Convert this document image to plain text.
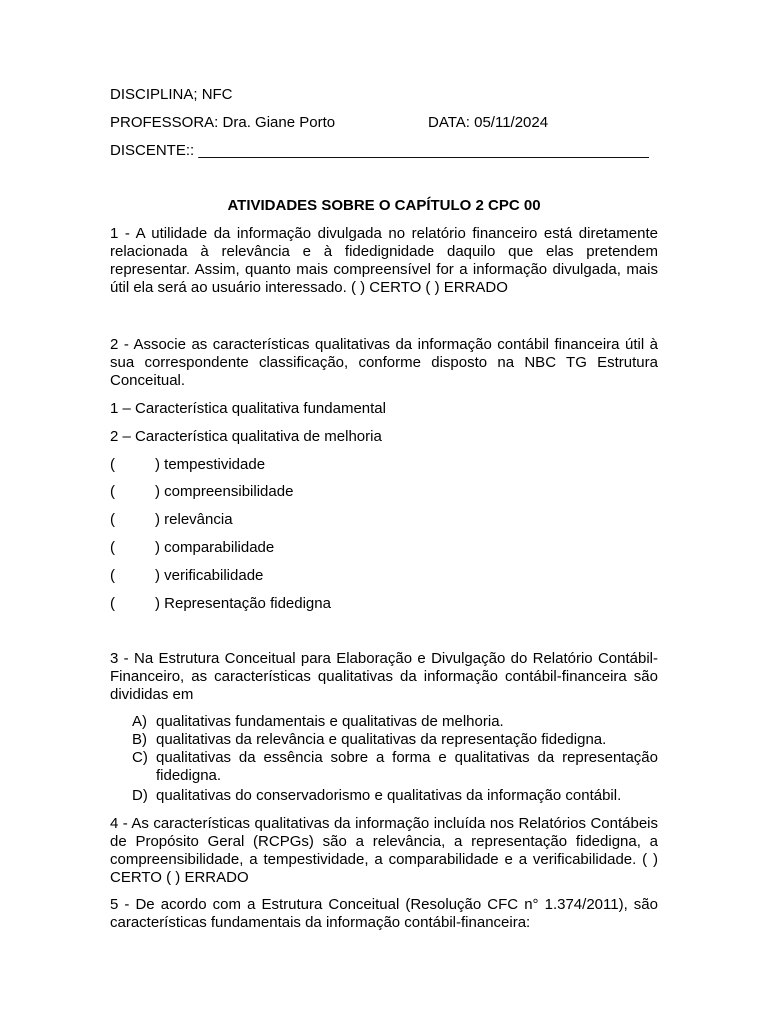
DISCIPLINA; NFC
PROFESSORA: Dra. Giane Porto	DATA: 05/11/2024
DISCENTE:: ______________________________________________________
ATIVIDADES SOBRE O CAPÍTULO 2 CPC 00
1 - A utilidade da informação divulgada no relatório financeiro está diretamente relacionada à relevância e à fidedignidade daquilo que elas pretendem representar. Assim, quanto mais compreensível for a informação divulgada, mais útil ela será ao usuário interessado. ( ) CERTO ( ) ERRADO
2 - Associe as características qualitativas da informação contábil financeira útil à sua correspondente classificação, conforme disposto na NBC TG Estrutura Conceitual.
1 – Característica qualitativa fundamental
2 – Característica qualitativa de melhoria
(	) tempestividade
(	) compreensibilidade
(	) relevância
(	) comparabilidade
(	) verificabilidade
(	) Representação fidedigna
3 - Na Estrutura Conceitual para Elaboração e Divulgação do Relatório Contábil-Financeiro, as características qualitativas da informação contábil-financeira são divididas em
A) qualitativas fundamentais e qualitativas de melhoria.
B) qualitativas da relevância e qualitativas da representação fidedigna.
C) qualitativas da essência sobre a forma e qualitativas da representação fidedigna.
D) qualitativas do conservadorismo e qualitativas da informação contábil.
4 - As características qualitativas da informação incluída nos Relatórios Contábeis de Propósito Geral (RCPGs) são a relevância, a representação fidedigna, a compreensibilidade, a tempestividade, a comparabilidade e a verificabilidade. ( ) CERTO ( ) ERRADO
5 - De acordo com a Estrutura Conceitual (Resolução CFC n° 1.374/2011), são características fundamentais da informação contábil-financeira:
